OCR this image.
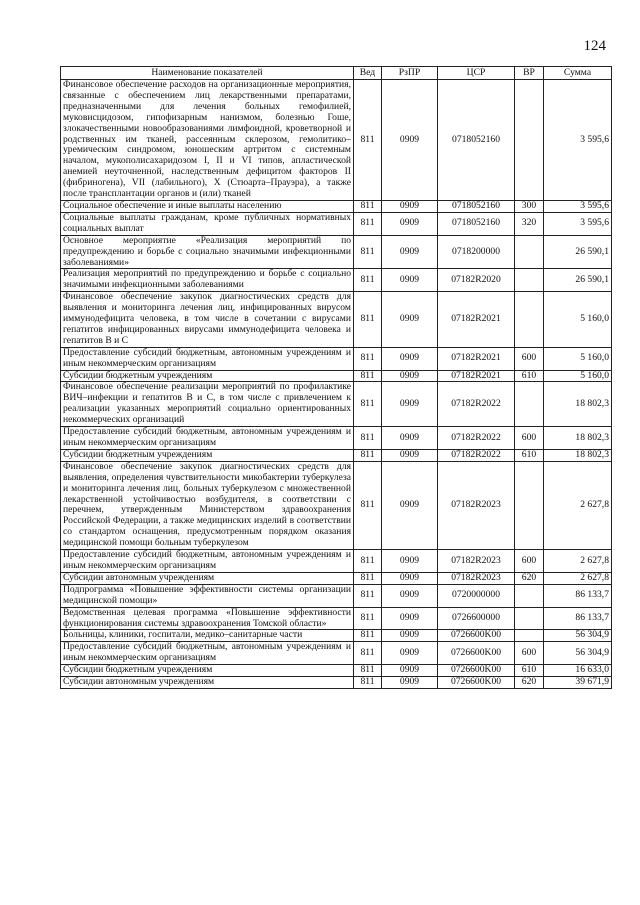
124
Наименование показателей	Вед	РзПР	ЦСР	ВР	Сумма
Финансовое обеспечение расходов на организационные мероприятия, связанные с обеспечением лиц лекарственными препаратами, предназначенными для лечения больных гемофилией, муковисцидозом, гипофизарным нанизмом, болезнью Гоше, злокачественными новообразованиями лимфоидной, кроветворной и родственных им тканей, рассеянным склерозом, гемолитико–уремическим синдромом, юношеским артритом с системным началом, мукополисахаридозом I, II и VI типов, апластической анемией неуточненной, наследственным дефицитом факторов II (фибриногена), VII (лабильного), X (Стюарта–Прауэра), а также после трансплантации органов и (или) тканей	811	0909	0718052160		3 595,6
Социальное обеспечение и иные выплаты населению	811	0909	0718052160	300	3 595,6
Социальные выплаты гражданам, кроме публичных нормативных социальных выплат	811	0909	0718052160	320	3 595,6
Основное мероприятие «Реализация мероприятий по предупреждению и борьбе с социально значимыми инфекционными заболеваниями»	811	0909	0718200000		26 590,1
Реализация мероприятий по предупреждению и борьбе с социально значимыми инфекционными заболеваниями	811	0909	07182R2020		26 590,1
Финансовое обеспечение закупок диагностических средств для выявления и мониторинга лечения лиц, инфицированных вирусом иммунодефицита человека, в том числе в сочетании с вирусами гепатитов инфицированных вирусами иммунодефицита человека и гепатитов B и C	811	0909	07182R2021		5 160,0
Предоставление субсидий бюджетным, автономным учреждениям и иным некоммерческим организациям	811	0909	07182R2021	600	5 160,0
Субсидии бюджетным учреждениям	811	0909	07182R2021	610	5 160,0
Финансовое обеспечение реализации мероприятий по профилактике ВИЧ–инфекции и гепатитов B и C, в том числе с привлечением к реализации указанных мероприятий социально ориентированных некоммерческих организаций	811	0909	07182R2022		18 802,3
Предоставление субсидий бюджетным, автономным учреждениям и иным некоммерческим организациям	811	0909	07182R2022	600	18 802,3
Субсидии бюджетным учреждениям	811	0909	07182R2022	610	18 802,3
Финансовое обеспечение закупок диагностических средств для выявления, определения чувствительности микобактерии туберкулеза и мониторинга лечения лиц, больных туберкулезом с множественной лекарственной устойчивостью возбудителя, в соответствии с перечнем, утвержденным Министерством здравоохранения Российской Федерации, а также медицинских изделий в соответствии со стандартом оснащения, предусмотренным порядком оказания медицинской помощи больным туберкулезом	811	0909	07182R2023		2 627,8
Предоставление субсидий бюджетным, автономным учреждениям и иным некоммерческим организациям	811	0909	07182R2023	600	2 627,8
Субсидии автономным учреждениям	811	0909	07182R2023	620	2 627,8
Подпрограмма «Повышение эффективности системы организации медицинской помощи»	811	0909	0720000000		86 133,7
Ведомственная целевая программа «Повышение эффективности функционирования системы здравоохранения Томской области»	811	0909	0726600000		86 133,7
Больницы, клиники, госпитали, медико–санитарные части	811	0909	0726600K00		56 304,9
Предоставление субсидий бюджетным, автономным учреждениям и иным некоммерческим организациям	811	0909	0726600K00	600	56 304,9
Субсидии бюджетным учреждениям	811	0909	0726600K00	610	16 633,0
Субсидии автономным учреждениям	811	0909	0726600K00	620	39 671,9
